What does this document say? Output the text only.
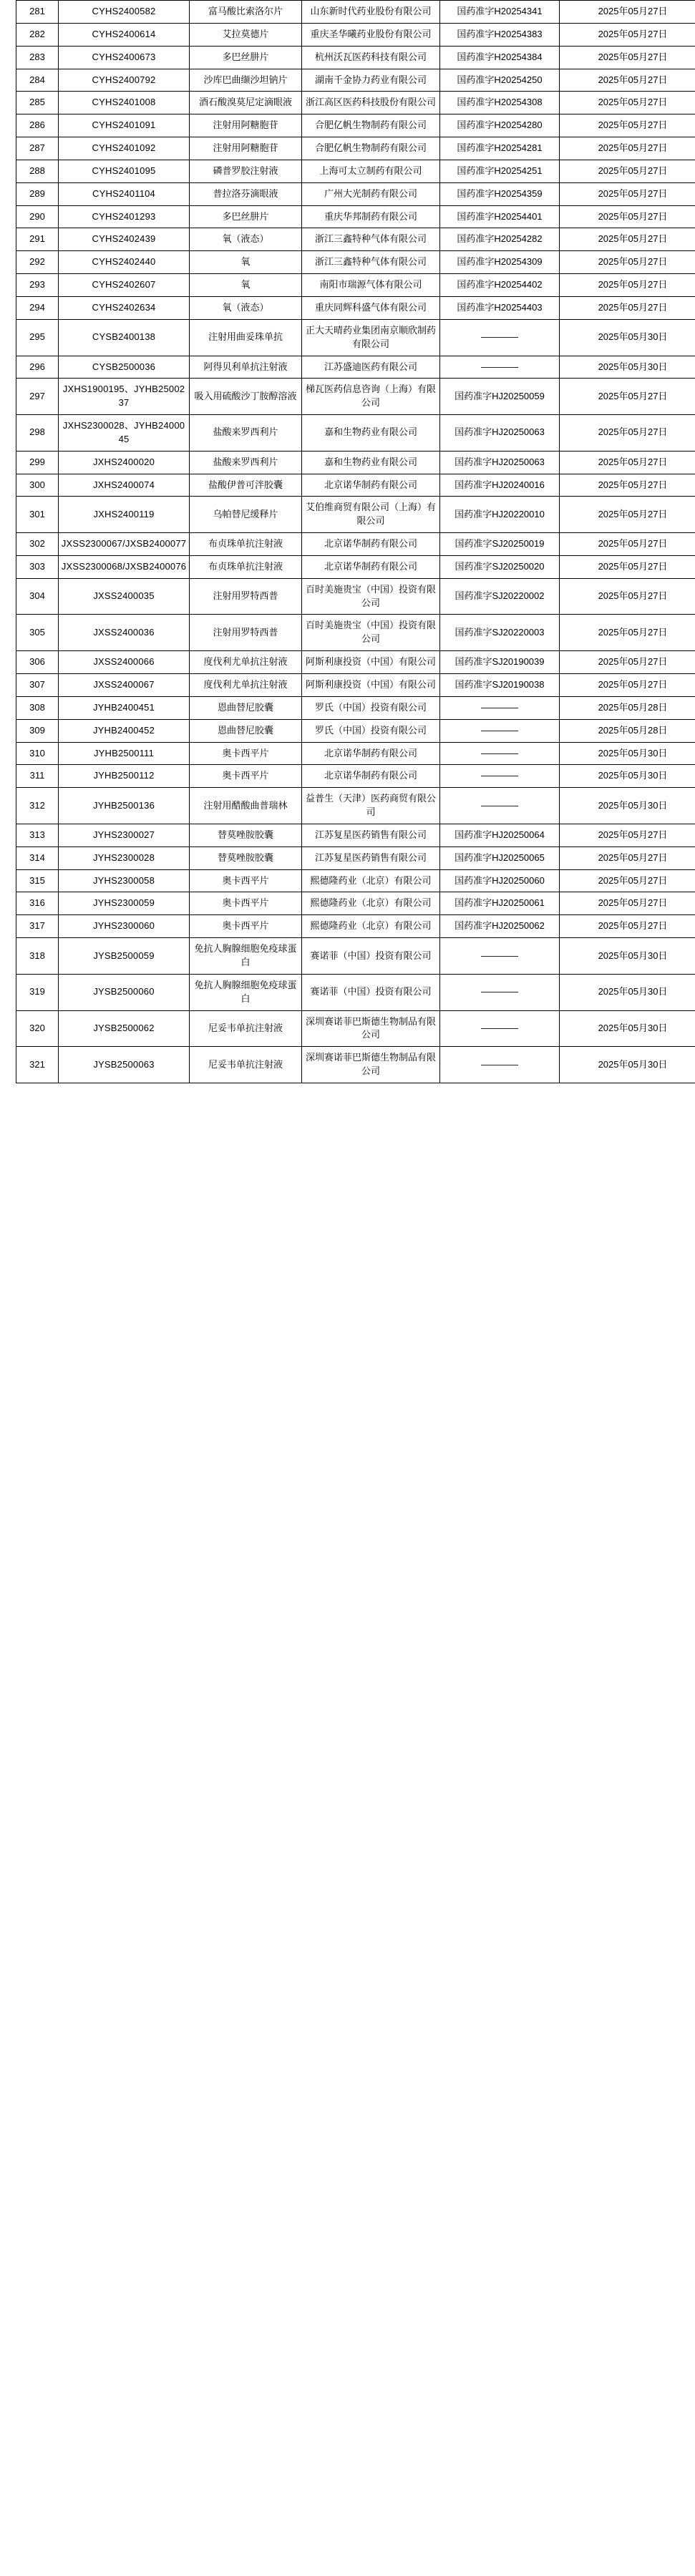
281	CYHS2400582	富马酸比索洛尔片	山东新时代药业股份有限公司	国药准字H20254341	2025年05月27日
282	CYHS2400614	艾拉莫德片	重庆圣华曦药业股份有限公司	国药准字H20254383	2025年05月27日
283	CYHS2400673	多巴丝肼片	杭州沃瓦医药科技有限公司	国药准字H20254384	2025年05月27日
284	CYHS2400792	沙库巴曲缬沙坦钠片	湖南千金协力药业有限公司	国药准字H20254250	2025年05月27日
285	CYHS2401008	酒石酸溴莫尼定滴眼液	浙江高区医药科技股份有限公司	国药准字H20254308	2025年05月27日
286	CYHS2401091	注射用阿糖胞苷	合肥亿帆生物制药有限公司	国药准字H20254280	2025年05月27日
287	CYHS2401092	注射用阿糖胞苷	合肥亿帆生物制药有限公司	国药准字H20254281	2025年05月27日
288	CYHS2401095	磷普罗胶注射液	上海可太立制药有限公司	国药准字H20254251	2025年05月27日
289	CYHS2401104	普拉洛芬滴眼液	广州大光制药有限公司	国药准字H20254359	2025年05月27日
290	CYHS2401293	多巴丝肼片	重庆华邦制药有限公司	国药准字H20254401	2025年05月27日
291	CYHS2402439	氧（液态）	浙江三鑫特种气体有限公司	国药准字H20254282	2025年05月27日
292	CYHS2402440	氧	浙江三鑫特种气体有限公司	国药准字H20254309	2025年05月27日
293	CYHS2402607	氧	南阳市瑞源气体有限公司	国药准字H20254402	2025年05月27日
294	CYHS2402634	氧（液态）	重庆同辉科盛气体有限公司	国药准字H20254403	2025年05月27日
295	CYSB2400138	注射用曲妥珠单抗	正大天晴药业集团南京顺欣制药有限公司	————	2025年05月30日
296	CYSB2500036	阿得贝利单抗注射液	江苏盛迪医药有限公司	————	2025年05月30日
297	JXHS1900195、JYHB2500237	吸入用硫酸沙丁胺醇溶液	梯瓦医药信息咨询（上海）有限公司	国药准字HJ20250059	2025年05月27日
298	JXHS2300028、JYHB2400045	盐酸来罗西利片	嘉和生物药业有限公司	国药准字HJ20250063	2025年05月27日
299	JXHS2400020	盐酸来罗西利片	嘉和生物药业有限公司	国药准字HJ20250063	2025年05月27日
300	JXHS2400074	盐酸伊普可泮胶囊	北京诺华制药有限公司	国药准字HJ20240016	2025年05月27日
301	JXHS2400119	乌帕替尼缓释片	艾伯维商贸有限公司（上海）有限公司	国药准字HJ20220010	2025年05月27日
302	JXSS2300067/JXSB2400077	布贞珠单抗注射液	北京诺华制药有限公司	国药准字SJ20250019	2025年05月27日
303	JXSS2300068/JXSB2400076	布贞珠单抗注射液	北京诺华制药有限公司	国药准字SJ20250020	2025年05月27日
304	JXSS2400035	注射用罗特西普	百时美施贵宝（中国）投资有限公司	国药准字SJ20220002	2025年05月27日
305	JXSS2400036	注射用罗特西普	百时美施贵宝（中国）投资有限公司	国药准字SJ20220003	2025年05月27日
306	JXSS2400066	度伐利尤单抗注射液	阿斯利康投资（中国）有限公司	国药准字SJ20190039	2025年05月27日
307	JXSS2400067	度伐利尤单抗注射液	阿斯利康投资（中国）有限公司	国药准字SJ20190038	2025年05月27日
308	JYHB2400451	恩曲替尼胶囊	罗氏（中国）投资有限公司	————	2025年05月28日
309	JYHB2400452	恩曲替尼胶囊	罗氏（中国）投资有限公司	————	2025年05月28日
310	JYHB2500111	奥卡西平片	北京诺华制药有限公司	————	2025年05月30日
311	JYHB2500112	奥卡西平片	北京诺华制药有限公司	————	2025年05月30日
312	JYHB2500136	注射用醋酸曲普瑞林	益普生（天津）医药商贸有限公司	————	2025年05月30日
313	JYHS2300027	替莫唑胺胶囊	江苏复星医药销售有限公司	国药准字HJ20250064	2025年05月27日
314	JYHS2300028	替莫唑胺胶囊	江苏复星医药销售有限公司	国药准字HJ20250065	2025年05月27日
315	JYHS2300058	奥卡西平片	熙德隆药业（北京）有限公司	国药准字HJ20250060	2025年05月27日
316	JYHS2300059	奥卡西平片	熙德隆药业（北京）有限公司	国药准字HJ20250061	2025年05月27日
317	JYHS2300060	奥卡西平片	熙德隆药业（北京）有限公司	国药准字HJ20250062	2025年05月27日
318	JYSB2500059	免抗人胸腺细胞免疫球蛋白	赛诺菲（中国）投资有限公司	————	2025年05月30日
319	JYSB2500060	免抗人胸腺细胞免疫球蛋白	赛诺菲（中国）投资有限公司	————	2025年05月30日
320	JYSB2500062	尼妥韦单抗注射液	深圳赛诺菲巴斯德生物制品有限公司	————	2025年05月30日
321	JYSB2500063	尼妥韦单抗注射液	深圳赛诺菲巴斯德生物制品有限公司	————	2025年05月30日
